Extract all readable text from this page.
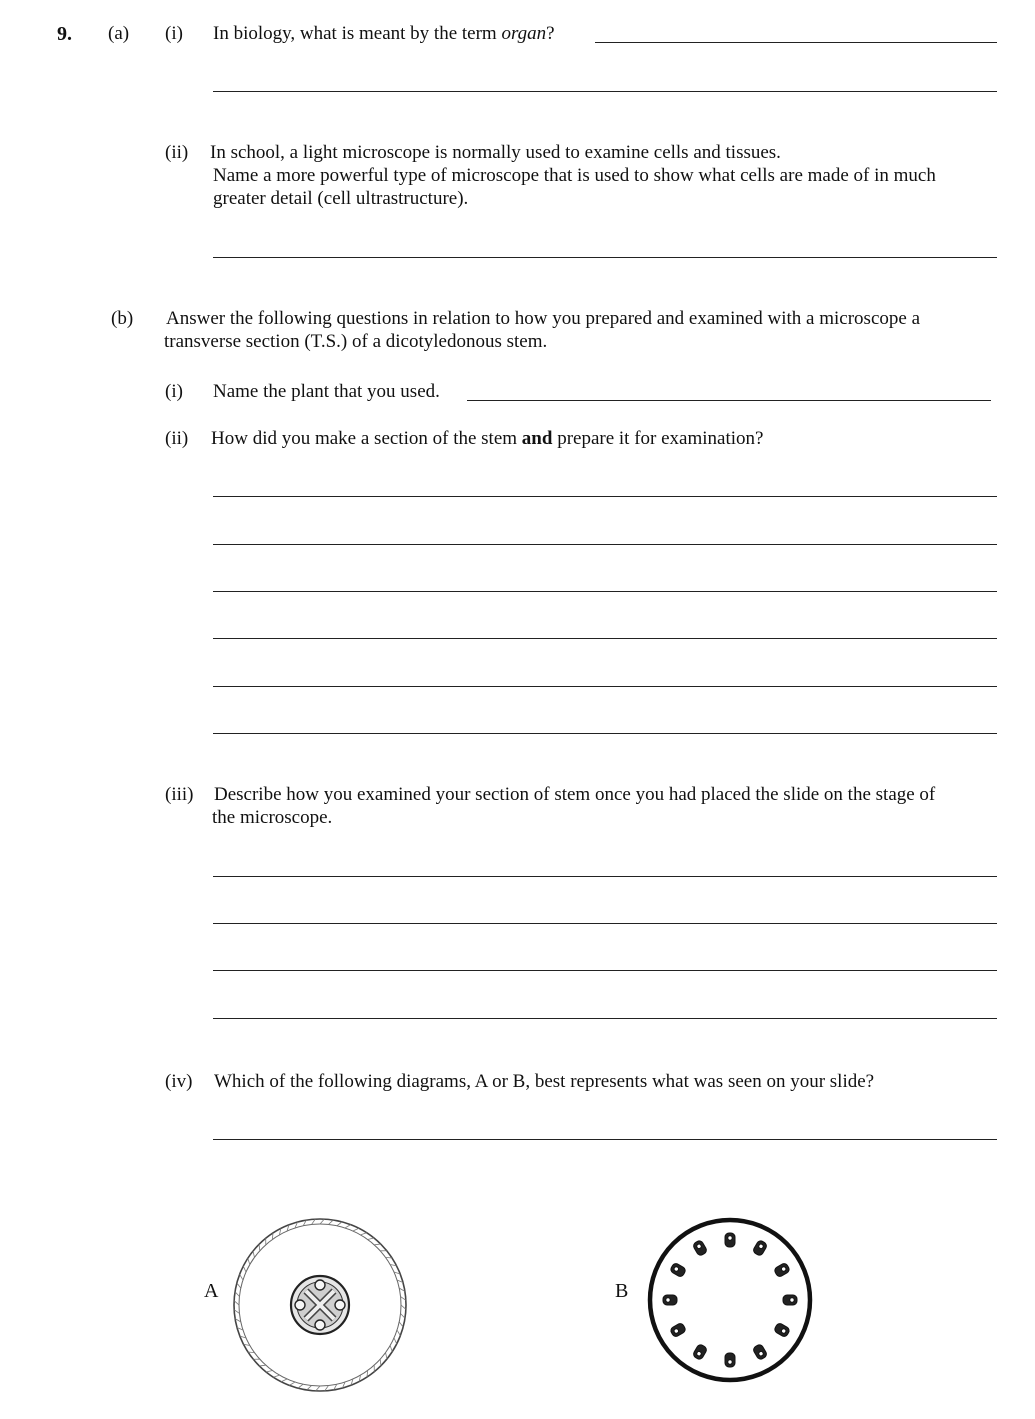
9. (a) (i) In biology, what is meant by the term organ?
(ii) In school, a light microscope is normally used to examine cells and tissues.
Name a more powerful type of microscope that is used to show what cells are made of in much
greater detail (cell ultrastructure).
(b) Answer the following questions in relation to how you prepared and examined with a microscope a
transverse section (T.S.) of a dicotyledonous stem.
(i) Name the plant that you used.
(ii) How did you make a section of the stem and prepare it for examination?
(iii) Describe how you examined your section of stem once you had placed the slide on the stage of
the microscope.
(iv) Which of the following diagrams, A or B, best represents what was seen on your slide?
A	B
